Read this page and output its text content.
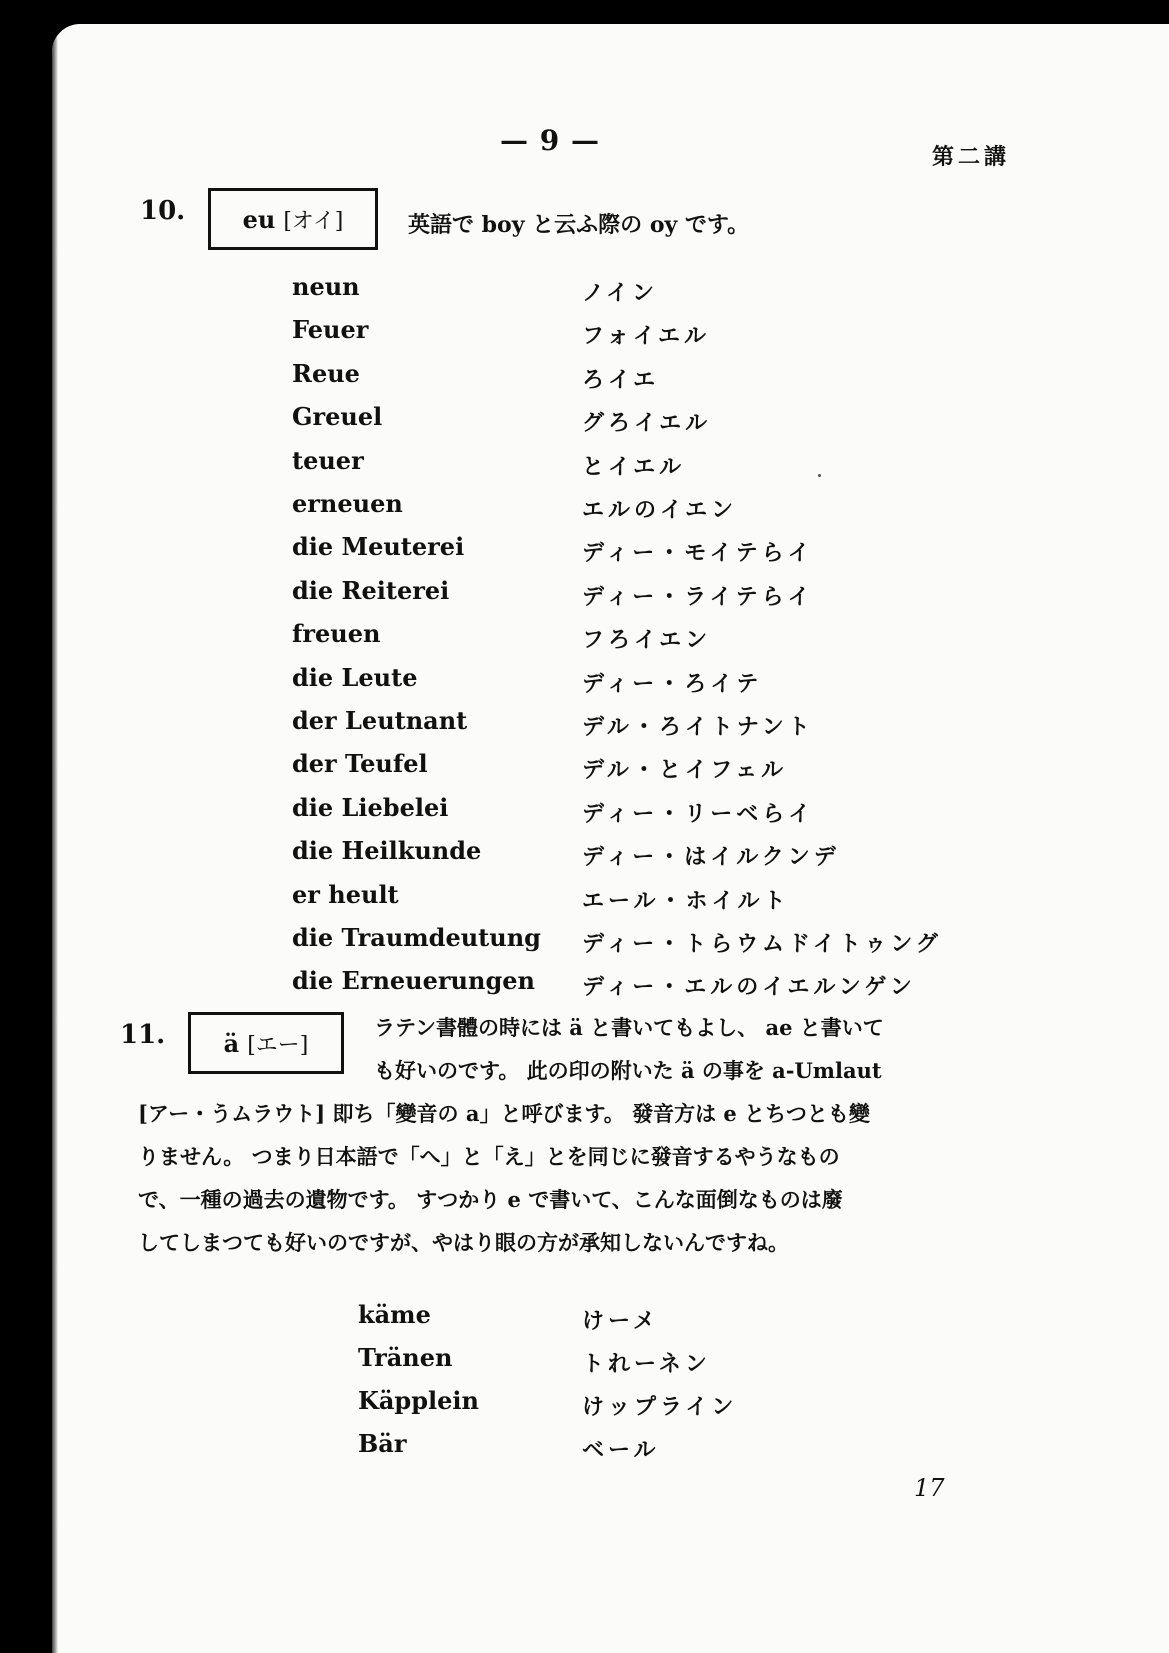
— 9 —	第二講
10. eu [オイ]	英語で boy と云ふ際の oy です。
neun	ノイン
Feuer	フォイエル
Reue	ろイエ
Greuel	グろイエル
teuer	とイエル
erneuen	エルのイエン
die Meuterei	ディー・モイテらイ
die Reiterei	ディー・ライテらイ
freuen	フろイエン
die Leute	ディー・ろイテ
der Leutnant	デル・ろイトナント
der Teufel	デル・とイフェル
die Liebelei	ディー・リーベらイ
die Heilkunde	ディー・はイルクンデ
er heult	エール・ホイルト
die Traumdeutung ディー・トらウムドイトゥング
die Erneuerungen ディー・エルのイエルンゲン
11. ä [エー]
ラテン書體の時には ä と書いてもよし、 ae と書いて
も好いのです。 此の印の附いた ä の事を a-Umlaut
[アー・うムラウト] 即ち「變音の a」と呼びます。 發音方は e とちつとも變
りません。 つまり日本語で「へ」と「え」とを同じに發音するやうなもの
で、一種の過去の遺物です。 すつかり e で書いて、こんな面倒なものは廢
してしまつても好いのですが、やはり眼の方が承知しないんですね。
käme	けーメ
Tränen	トれーネン
Käpplein	けップライン
Bär	ベール
17
